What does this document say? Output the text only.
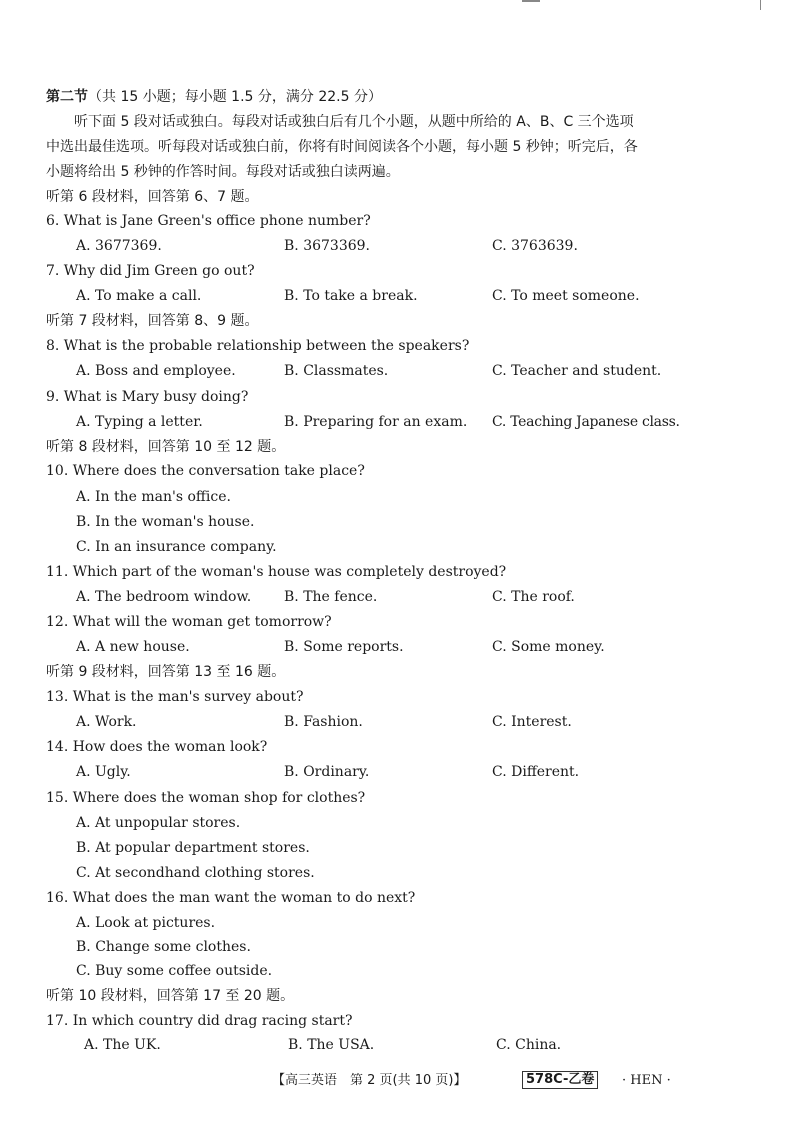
第二节（共 15 小题；每小题 1.5 分，满分 22.5 分）
听下面 5 段对话或独白。每段对话或独白后有几个小题，从题中所给的 A、B、C 三个选项
中选出最佳选项。听每段对话或独白前，你将有时间阅读各个小题，每小题 5 秒钟；听完后，各
小题将给出 5 秒钟的作答时间。每段对话或独白读两遍。
听第 6 段材料，回答第 6、7 题。
6. What is Jane Green's office phone number?
A. 3677369.	B. 3673369.	C. 3763639.
7. Why did Jim Green go out?
A. To make a call.	B. To take a break.	C. To meet someone.
听第 7 段材料，回答第 8、9 题。
8. What is the probable relationship between the speakers?
A. Boss and employee.	B. Classmates.	C. Teacher and student.
9. What is Mary busy doing?
A. Typing a letter.	B. Preparing for an exam. C. Teaching Japanese class.
听第 8 段材料，回答第 10 至 12 题。
10. Where does the conversation take place?
A. In the man's office.
B. In the woman's house.
C. In an insurance company.
11. Which part of the woman's house was completely destroyed?
A. The bedroom window. B. The fence.	C. The roof.
12. What will the woman get tomorrow?
A. A new house.	B. Some reports.	C. Some money.
听第 9 段材料，回答第 13 至 16 题。
13. What is the man's survey about?
A. Work.	B. Fashion.	C. Interest.
14. How does the woman look?
A. Ugly.	B. Ordinary.	C. Different.
15. Where does the woman shop for clothes?
A. At unpopular stores.
B. At popular department stores.
C. At secondhand clothing stores.
16. What does the man want the woman to do next?
A. Look at pictures.
B. Change some clothes.
C. Buy some coffee outside.
听第 10 段材料，回答第 17 至 20 题。
17. In which country did drag racing start?
A. The UK.	B. The USA.	C. China.
【高三英语　第 2 页(共 10 页)】	578C-乙卷	· HEN ·
